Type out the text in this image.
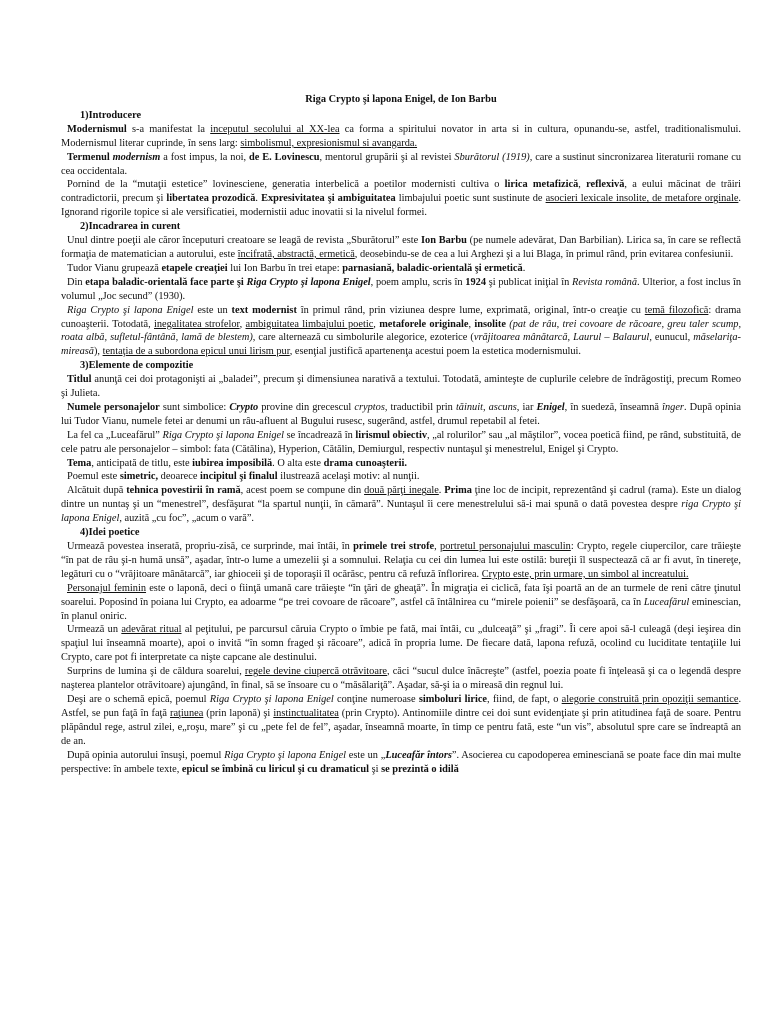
Riga Crypto şi lapona Enigel, de Ion Barbu

1)Introducere

Modernismul s-a manifestat la inceputul secolului al XX-lea ca forma a spiritului novator in arta si in cultura, opunandu-se, astfel, traditionalismului. Modernismul literar cuprinde, în sens larg: simbolismul, expresionismul si avangarda.

Termenul modernism a fost impus, la noi, de E. Lovinescu, mentorul grupării şi al revistei Sburătorul (1919), care a sustinut sincronizarea literaturii romane cu cea occidentala.

Pornind de la “mutaţii estetice” lovinesciene, generatia interbelică a poetilor modernisti cultiva o lirica metafizică, reflexivă, a eului măcinat de trăiri contradictorii, precum şi libertatea prozodică. Expresivitatea şi ambiguitatea limbajului poetic sunt sustinute de asocieri lexicale insolite, de metafore orginale. Ignorand rigorile topice si ale versificatiei, modernistii aduc inovatii si la nivelul formei.

2)Incadrarea in curent

Unul dintre poeţii ale căror începuturi creatoare se leagă de revista „Sburătorul” este Ion Barbu (pe numele adevărat, Dan Barbilian). Lirica sa, în care se reflectă formaţia de matematician a autorului, este încifrată, abstractă, ermetică, deosebindu-se de cea a lui Arghezi şi a lui Blaga, în primul rând, prin evitarea confesiunii.

Tudor Vianu grupează etapele creaţiei lui Ion Barbu în trei etape: parnasiană, baladic-orientală şi ermetică.

Din etapa baladic-orientală face parte şi Riga Crypto şi lapona Enigel, poem amplu, scris în 1924 şi publicat iniţial în Revista română. Ulterior, a fost inclus în volumul „Joc secund” (1930).

Riga Crypto şi lapona Enigel este un text modernist în primul rând, prin viziunea despre lume, exprimată, original, într-o creaţie cu temă filozofică: drama cunoaşterii. Totodată, inegalitatea strofelor, ambiguitatea limbajului poetic, metaforele originale, insolite (pat de râu, trei covoare de răcoare, greu taler scump, roata albă, sufletul-fântână, lamă de blestem), care alternează cu simbolurile alegorice, ezoterice (vrăjitoarea mânătarcă, Laurul – Balaurul, eunucul, măselariţa-mireasă), tentaţia de a subordona epicul unui lirism pur, esenţial justifică apartenenţa acestui poem la estetica modernismului.

3)Elemente de compozitie

Titlul anunţă cei doi protagonişti ai „baladei”, precum şi dimensiunea narativă a textului. Totodată, aminteşte de cuplurile celebre de îndrăgostiţi, precum Romeo şi Julieta.

Numele personajelor sunt simbolice: Crypto provine din grecescul cryptos, traductibil prin tăinuit, ascuns, iar Enigel, în suedeză, înseamnă înger. După opinia lui Tudor Vianu, numele fetei ar denumi un râu-afluent al Bugului rusesc, sugerând, astfel, drumul repetabil al fetei.

La fel ca „Luceafărul” Riga Crypto şi lapona Enigel se încadrează în lirismul obiectiv, „al rolurilor” sau „al măştilor”, vocea poetică fiind, pe rând, substituită, de cele patru ale personajelor – simbol: fata (Cătălina), Hyperion, Cătălin, Demiurgul, respectiv nuntaşul şi menestrelul, Enigel şi Crypto.

Tema, anticipată de titlu, este iubirea imposibilă. O alta este drama cunoaşterii.

Poemul este simetric, deoarece incipitul şi finalul ilustrează acelaşi motiv: al nunţii.

Alcătuit după tehnica povestirii în ramă, acest poem se compune din două părţi inegale. Prima ţine loc de incipit, reprezentând şi cadrul (rama). Este un dialog dintre un nuntaş şi un “menestrel”, desfăşurat “la spartul nunţii, în cămară”. Nuntaşul îi cere menestrelului să-i mai spună o dată povestea despre riga Crypto şi lapona Enigel, auzită „cu foc”, „acum o vară”.

4)Idei poetice

Urmează povestea inserată, propriu-zisă, ce surprinde, mai întâi, în primele trei strofe, portretul personajului masculin: Crypto, regele ciupercilor, care trăieşte “în pat de râu şi-n humă unsă”, aşadar, într-o lume a umezelii şi a somnului. Relaţia cu cei din lumea lui este ostilă: bureţii îl suspectează că ar fi avut, în tinereţe, legături cu o “vrăjitoare mânătarcă”, iar ghioceii şi de toporaşii îl ocărăsc, pentru că refuză înflorirea. Crypto este, prin urmare, un simbol al increatului.

Personajul feminin este o laponă, deci o fiinţă umană care trăieşte “în ţări de gheaţă”. În migraţia ei ciclică, fata îşi poartă an de an turmele de reni către ţinutul soarelui. Poposind în poiana lui Crypto, ea adoarme “pe trei covoare de răcoare”, astfel că întâlnirea cu “mirele poienii” se desfăşoară, ca în Luceafărul eminescian, în planul oniric.

Urmează un adevărat ritual al peţitului, pe parcursul căruia Crypto o îmbie pe fată, mai întâi, cu „dulceaţă” şi „fragi”. Îi cere apoi să-l culeagă (deşi ieşirea din spaţiul lui înseamnă moarte), apoi o invită “în somn fraged şi răcoare”, adică în propria lume. De fiecare dată, lapona refuză, ocolind cu luciditate tentaţiile lui Crypto, care pot fi interpretate ca nişte capcane ale destinului.

Surprins de lumina şi de căldura soarelui, regele devine ciupercă otrăvitoare, căci “sucul dulce înăcreşte” (astfel, poezia poate fi înţeleasă şi ca o legendă despre naşterea plantelor otrăvitoare) ajungând, în final, să se însoare cu o “măsălariţă”. Aşadar, să-şi ia o mireasă din regnul lui.

Deşi are o schemă epică, poemul Riga Crypto şi lapona Enigel conţine numeroase simboluri lirice, fiind, de fapt, o alegorie construită prin opoziţii semantice. Astfel, se pun faţă în faţă raţiunea (prin laponă) şi instinctualitatea (prin Crypto). Antinomiile dintre cei doi sunt evidenţiate şi prin atitudinea faţă de soare. Pentru plăpândul rege, astrul zilei, e„roşu, mare” şi cu „pete fel de fel”, aşadar, înseamnă moarte, în timp ce pentru fată, este “un vis”, absolutul spre care se îndreaptă an de an.

După opinia autorului însuşi, poemul Riga Crypto şi lapona Enigel este un „Luceafăr întors”. Asocierea cu capodoperea eminesciană se poate face din mai multe perspective: în ambele texte, epicul se îmbină cu liricul şi cu dramaticul şi se prezintă o idilă
